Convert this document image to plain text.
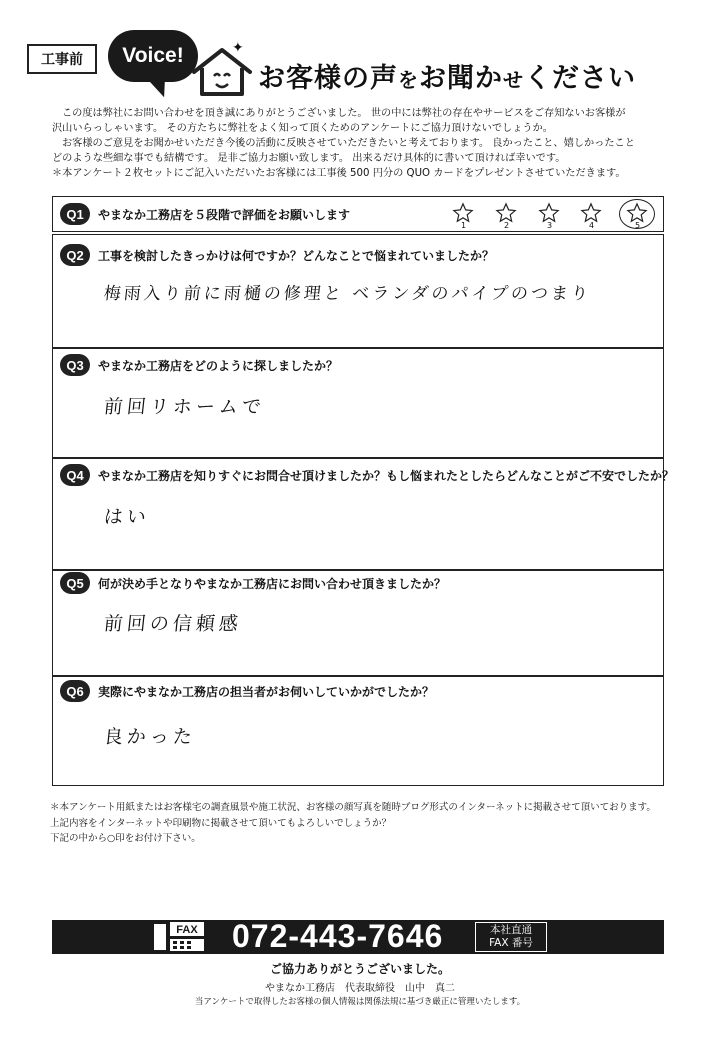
工事前	Voice!	✦
お客様の声をお聞かせください

この度は弊社にお問い合わせを頂き誠にありがとうございました。 世の中には弊社の存在やサービスをご存知ないお客様が

沢山いらっしゃいます。 その方たちに弊社をよく知って頂くためのアンケートにご協力頂けないでしょうか。

お客様のご意見をお聞かせいただき今後の活動に反映させていただきたいと考えております。 良かったこと、嬉しかったこと

どのような些細な事でも結構です。 是非ご協力お願い致します。 出来るだけ具体的に書いて頂ければ幸いです。

＊本アンケート２枚セットにご記入いただいたお客様には工事後 500 円分の QUO カードをプレゼントさせていただきます。

Q1	やまなか工務店を５段階で評価をお願いします
1	2	3	4	5
Q2	工事を検討したきっかけは何ですか？どんなことで悩まれていましたか？
梅雨入り前に雨樋の修理と ベランダのパイプのつまり
Q3	やまなか工務店をどのように探しましたか？
前回リホームで
Q4	やまなか工務店を知りすぐにお問合せ頂けましたか？もし悩まれたとしたらどんなことがご不安でしたか？
はい
Q5	何が決め手となりやまなか工務店にお問い合わせ頂きましたか？
前回の信頼感
Q6	実際にやまなか工務店の担当者がお伺いしていかがでしたか？
良かった

＊本アンケート用紙またはお客様宅の調査風景や施工状況、お客様の顔写真を随時ブログ形式のインターネットに掲載させて頂いております。

上記内容をインターネットや印刷物に掲載させて頂いてもよろしいでしょうか？

下記の中から○印をお付け下さい。

FAX 072-443-7646	本社直通
FAX 番号
ご協力ありがとうございました。
やまなか工務店　代表取締役　山中　真二
当アンケートで取得したお客様の個人情報は関係法規に基づき厳正に管理いたします。
